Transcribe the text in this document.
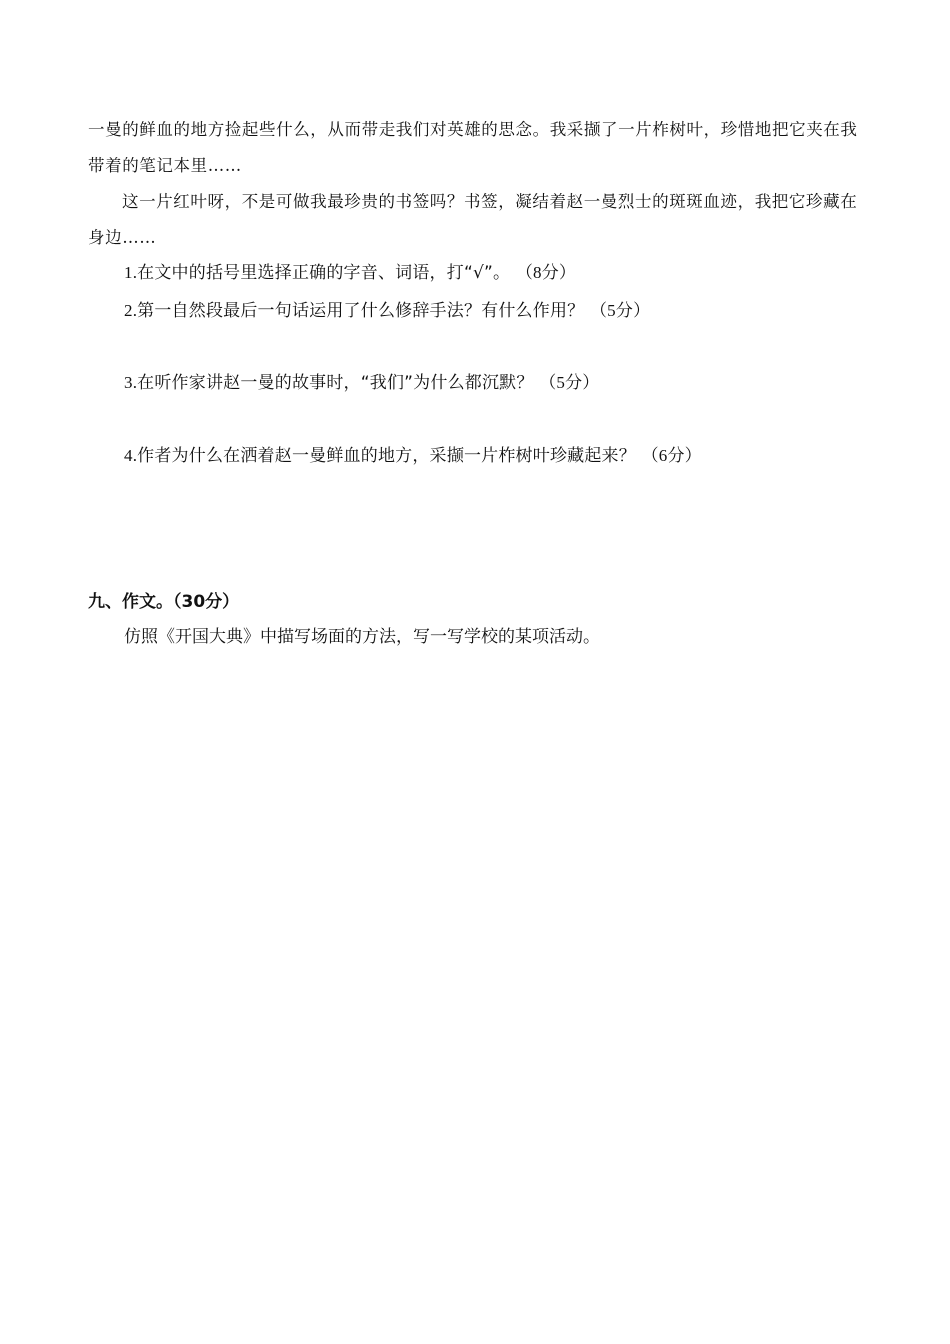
一曼的鲜血的地方捡起些什么，从而带走我们对英雄的思念。我采撷了一片柞树叶，珍惜地把它夹在我带着的笔记本里……

这一片红叶呀，不是可做我最珍贵的书签吗？书签，凝结着赵一曼烈士的斑斑血迹，我把它珍藏在身边……

1.在文中的括号里选择正确的字音、词语，打“√”。 （8分）
2.第一自然段最后一句话运用了什么修辞手法？有什么作用？ （5分）
3.在听作家讲赵一曼的故事时，“我们”为什么都沉默？ （5分）
4.作者为什么在洒着赵一曼鲜血的地方，采撷一片柞树叶珍藏起来？ （6分）
九、作文。（30分）
仿照《开国大典》中描写场面的方法，写一写学校的某项活动。
